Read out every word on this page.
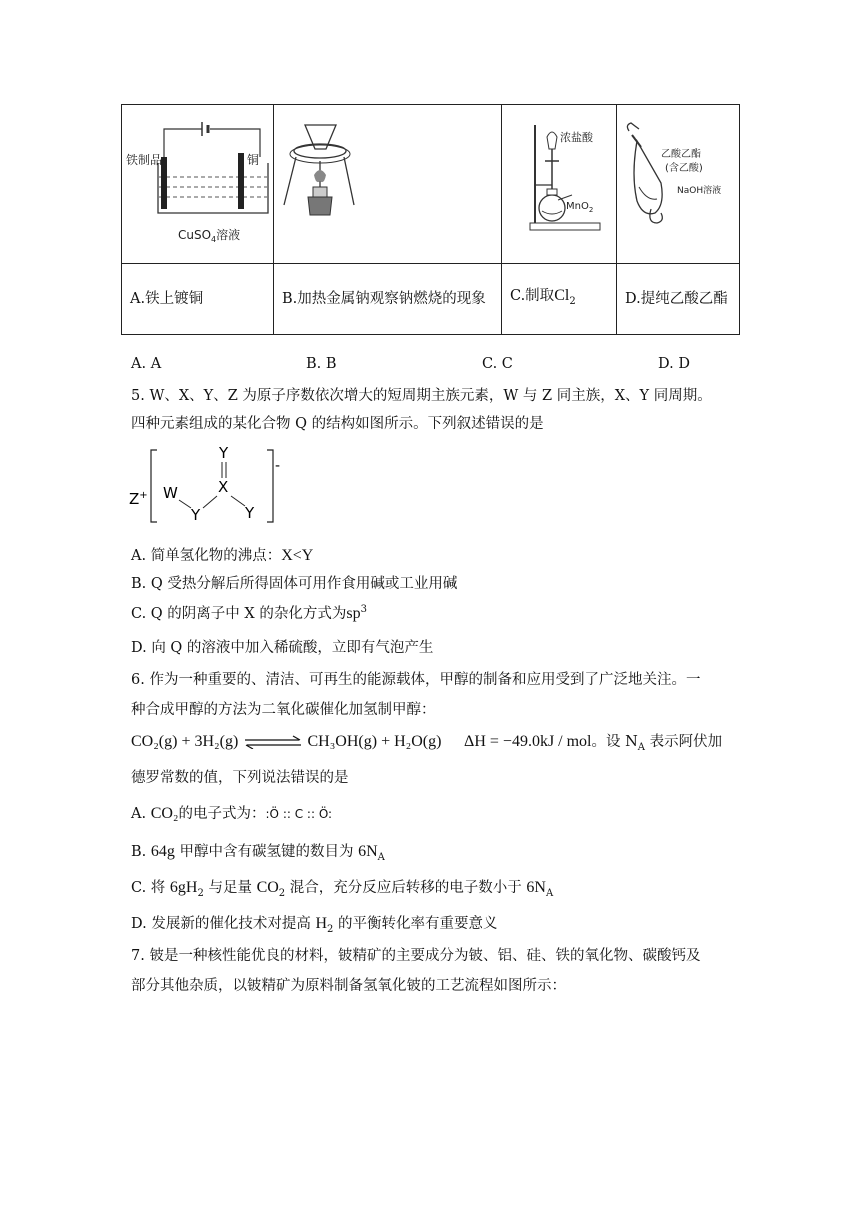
铁制品 铜
CuSO$_4$溶液		浓盐酸
MnO$_2$	乙酸乙酯
(含乙酸)
NaOH溶液

A.铁上镀铜	B.加热金属钠观察钠燃烧的现象	C.制取$Cl_2$	D.提纯乙酸乙酯
A. A	B. B	C. C	D. D
5. W、X、Y、Z 为原子序数依次增大的短周期主族元素，W 与 Z 同主族，X、Y 同周期。
四种元素组成的某化合物 Q 的结构如图所示。下列叙述错误的是
Z+
-
Y
X
W
Y	Y
A. 简单氢化物的沸点：X<Y
B. Q 受热分解后所得固体可用作食用碱或工业用碱
C. Q 的阴离子中 X 的杂化方式为$sp^3$
D. 向 Q 的溶液中加入稀硫酸，立即有气泡产生
6. 作为一种重要的、清洁、可再生的能源载体，甲醇的制备和应用受到了广泛地关注。一
种合成甲醇的方法为二氧化碳催化加氢制甲醇：
CO₂(g) + 3H₂(g)	CH₃OH(g) + H₂O(g) ΔH = −49.0kJ / mol。设 $N_A$ 表示阿伏加
德罗常数的值，下列说法错误的是
A. CO₂的电子式为：:Ö :: C :: Ö:
B. 64g 甲醇中含有碳氢键的数目为 $6N_A$
C. 将 $6gH_2$ 与足量 $CO_2$ 混合，充分反应后转移的电子数小于 $6N_A$
D. 发展新的催化技术对提高 $H_2$ 的平衡转化率有重要意义
7. 铍是一种核性能优良的材料，铍精矿的主要成分为铍、铝、硅、铁的氧化物、碳酸钙及
部分其他杂质，以铍精矿为原料制备氢氧化铍的工艺流程如图所示：
